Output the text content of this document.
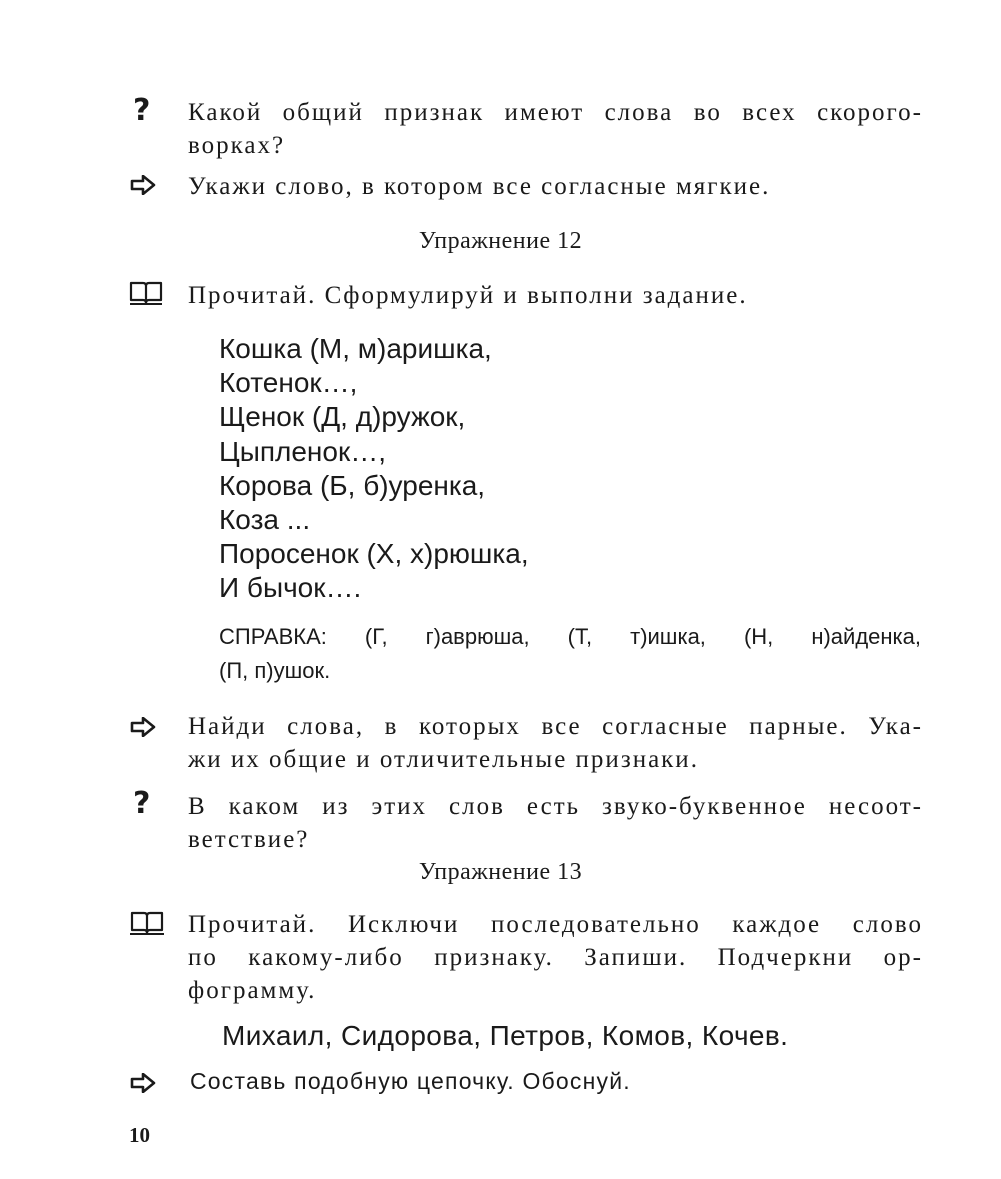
? Какой общий признак имеют слова во всех скорого-
ворках?
Укажи слово, в котором все согласные мягкие.
Упражнение 12
Прочитай. Сформулируй и выполни задание.
Кошка (М, м)аришка,
Котенок…,
Щенок (Д, д)ружок,
Цыпленок…,
Корова (Б, б)уренка,
Коза ...
Поросенок (Х, х)рюшка,
И бычок….
СПРАВКА: (Г, г)аврюша, (Т, т)ишка, (Н, н)айденка,
(П, п)ушок.
Найди слова, в которых все согласные парные. Ука-
жи их общие и отличительные признаки.
? В каком из этих слов есть звуко-буквенное несоот-
ветствие?
Упражнение 13
Прочитай. Исключи последовательно каждое слово
по какому-либо признаку. Запиши. Подчеркни ор-
фограмму.
Михаил, Сидорова, Петров, Комов, Кочев.
Составь подобную цепочку. Обоснуй.
10
